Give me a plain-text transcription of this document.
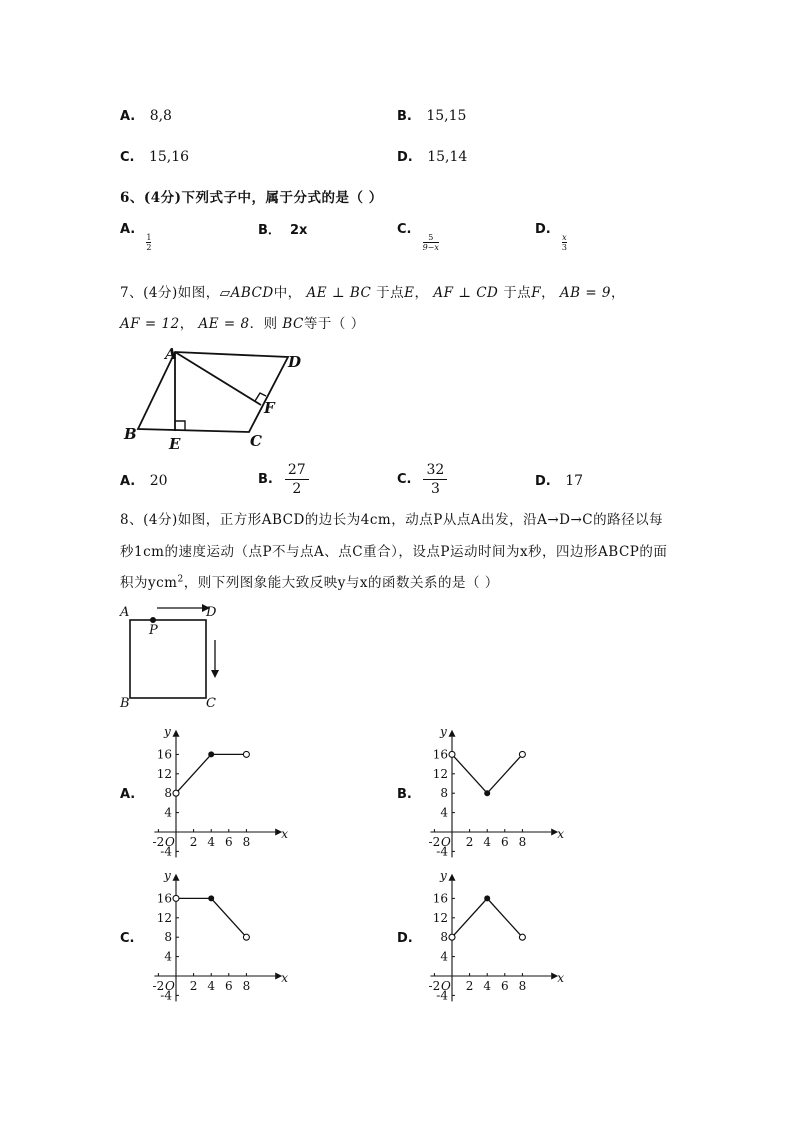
A. 8,8	B. 15,15
C. 15,16	D. 15,14
6、(4分)下列式子中，属于分式的是（ ）
A.
$\frac{1}{2}$
B． 2x	C.
$\frac{5}{9-x}$
D.
$\frac{x}{3}$
7、(4分)如图，▱ABCD中， AE ⊥ BC 于点E， AF ⊥ CD 于点F， AB = 9，
AF = 12， AE = 8．则 BC等于（ ）
A
B	C
D
E
F
A. 20	B. $\frac{27}{2}$	C. $\frac{32}{3}$	D. 17
8、(4分)如图，正方形ABCD的边长为4cm，动点P从点A出发，沿A→D→C的路径以每
秒1cm的速度运动（点P不与点A、点C重合），设点P运动时间为x秒，四边形ABCP的面
积为ycm$^2$，则下列图象能大致反映y与x的函数关系的是（ ）
A
P
D
B	C
A.	B.
C.	D.
-2 2 4 6 8
16
12
8
4
-4
O
x
y
-2 2 4 6 8
16
12
8
4
-4
O
x
y
-2 2 4 6 8
16
12
8
4
-4
O
x
y
-2 2 4 6 8
16
12
8
4
-4
O
x
y
